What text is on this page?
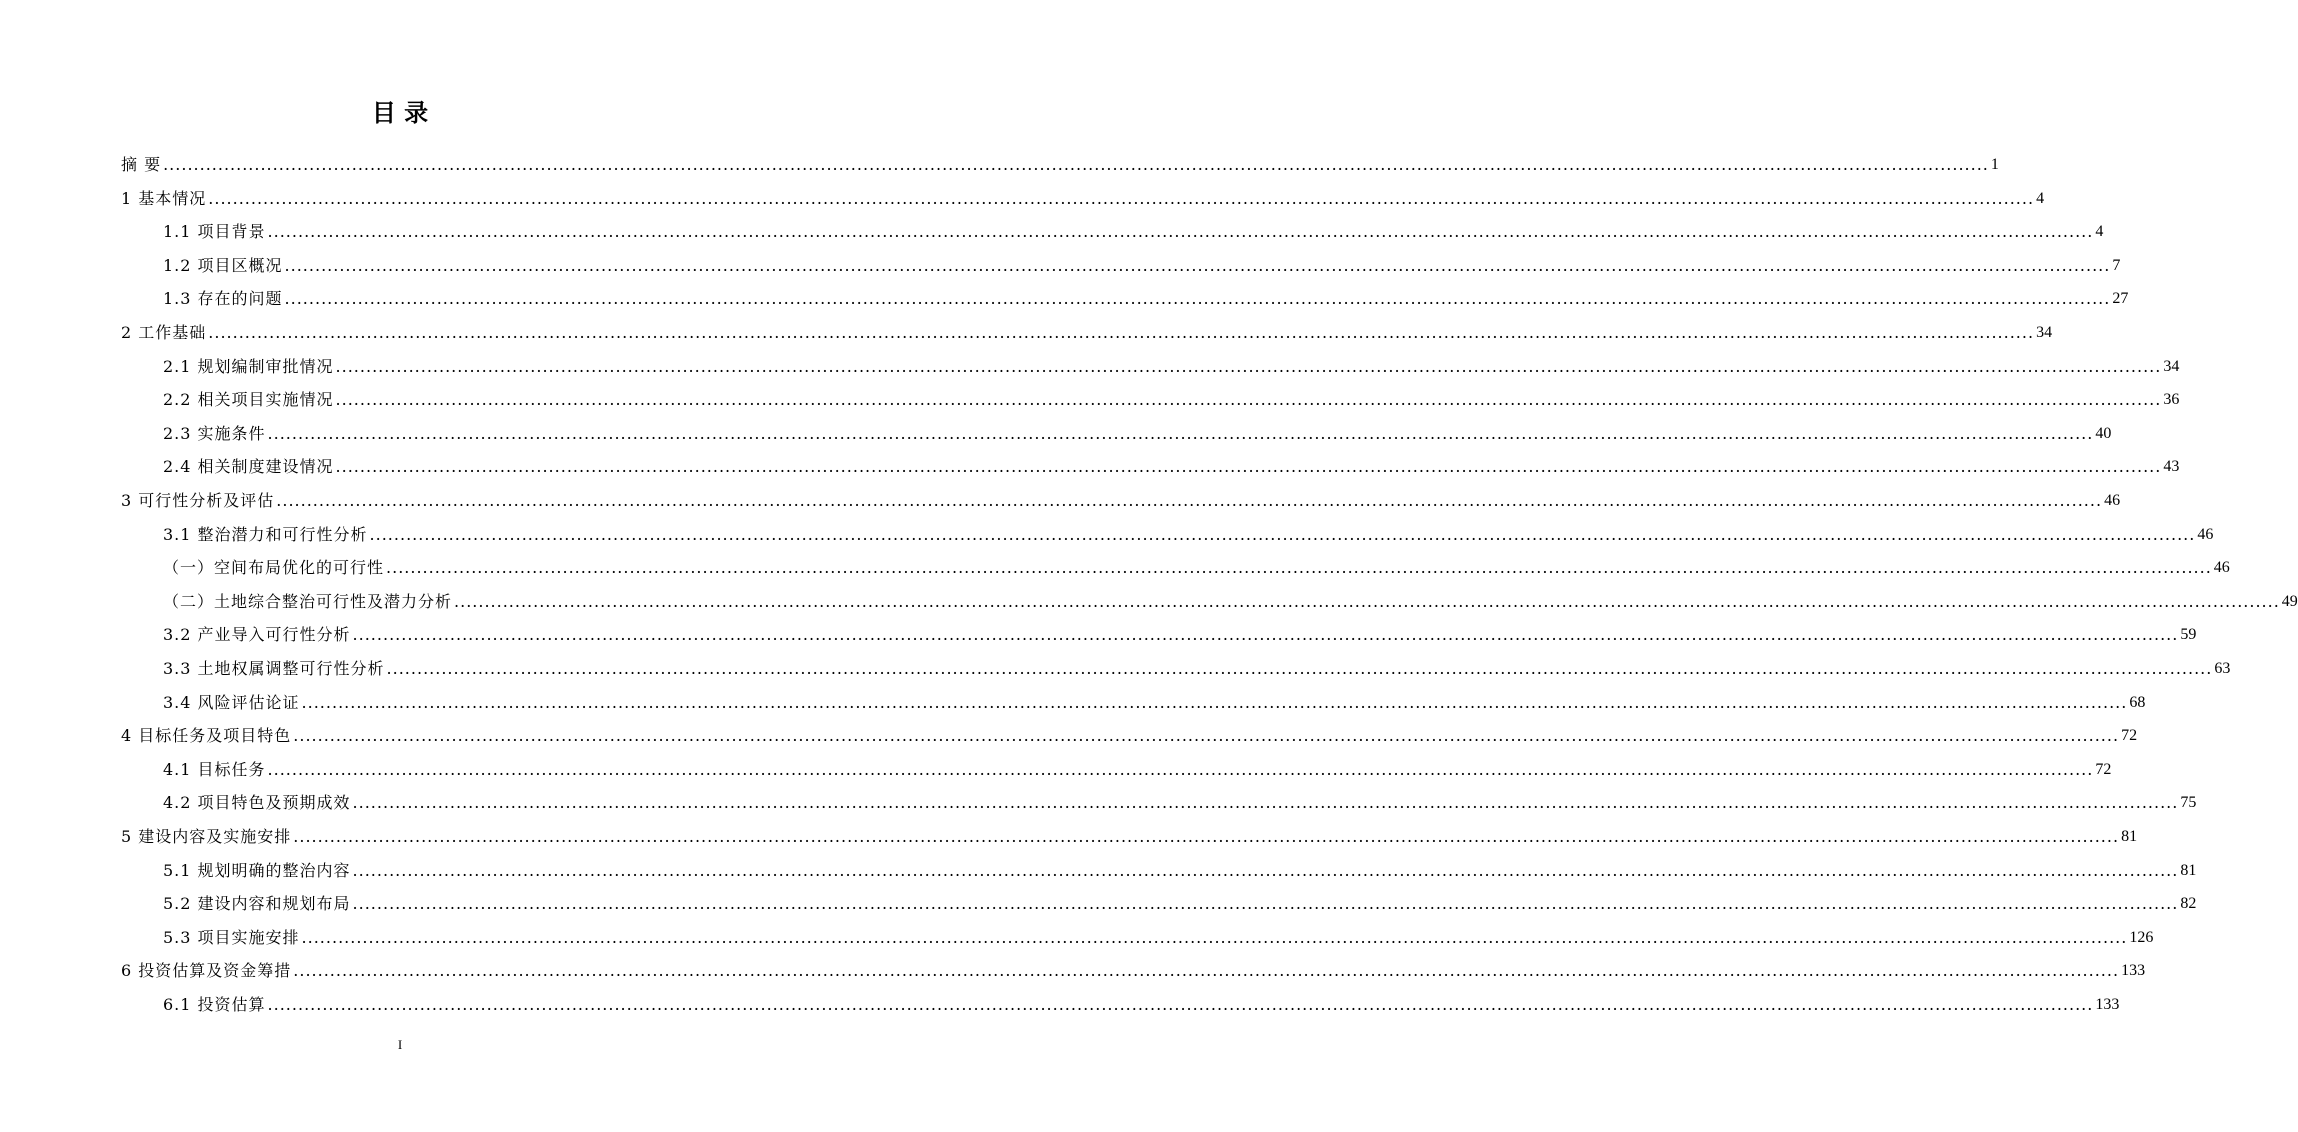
目 录
摘 要 ............................................................................................................................................................................................................................................................................................................ 1
1 基本情况 ............................................................................................................................................................................................................................................................................................................ 4
1.1 项目背景 ............................................................................................................................................................................................................................................................................................................ 4
1.2 项目区概况 ............................................................................................................................................................................................................................................................................................................ 7
1.3 存在的问题 ............................................................................................................................................................................................................................................................................................................ 27
2 工作基础 ............................................................................................................................................................................................................................................................................................................ 34
2.1 规划编制审批情况 ............................................................................................................................................................................................................................................................................................................ 34
2.2 相关项目实施情况 ............................................................................................................................................................................................................................................................................................................ 36
2.3 实施条件 ............................................................................................................................................................................................................................................................................................................ 40
2.4 相关制度建设情况 ............................................................................................................................................................................................................................................................................................................ 43
3 可行性分析及评估 ............................................................................................................................................................................................................................................................................................................ 46
3.1 整治潜力和可行性分析 ............................................................................................................................................................................................................................................................................................................ 46
（一）空间布局优化的可行性 ............................................................................................................................................................................................................................................................................................................ 46
（二）土地综合整治可行性及潜力分析 ............................................................................................................................................................................................................................................................................................................ 49
3.2 产业导入可行性分析 ............................................................................................................................................................................................................................................................................................................ 59
3.3 土地权属调整可行性分析 ............................................................................................................................................................................................................................................................................................................ 63
3.4 风险评估论证 ............................................................................................................................................................................................................................................................................................................ 68
4 目标任务及项目特色 ............................................................................................................................................................................................................................................................................................................ 72
4.1 目标任务 ............................................................................................................................................................................................................................................................................................................ 72
4.2 项目特色及预期成效 ............................................................................................................................................................................................................................................................................................................ 75
5 建设内容及实施安排 ............................................................................................................................................................................................................................................................................................................ 81
5.1 规划明确的整治内容 ............................................................................................................................................................................................................................................................................................................ 81
5.2 建设内容和规划布局 ............................................................................................................................................................................................................................................................................................................ 82
5.3 项目实施安排 ............................................................................................................................................................................................................................................................................................................ 126
6 投资估算及资金筹措 ............................................................................................................................................................................................................................................................................................................ 133
6.1 投资估算 ............................................................................................................................................................................................................................................................................................................ 133
I
